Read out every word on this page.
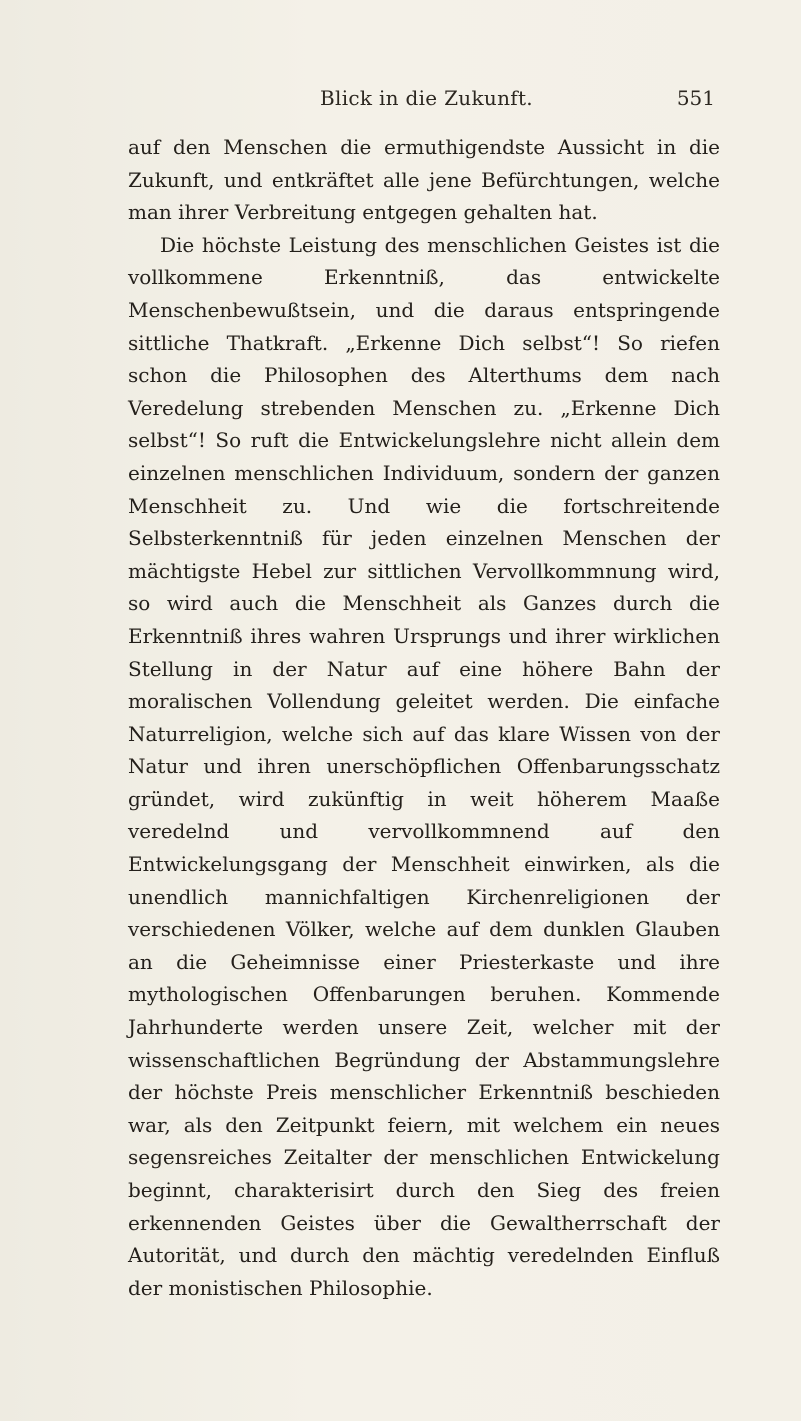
Blick in die Zukunft.	551

auf den Menschen die ermuthigendste Aussicht in die Zukunft, und entkräftet alle jene Befürchtungen, welche man ihrer Verbreitung entgegen gehalten hat.

Die höchste Leistung des menschlichen Geistes ist die vollkommene Erkenntniß, das entwickelte Menschenbewußtsein, und die daraus entspringende sittliche Thatkraft. „Erkenne Dich selbst“! So riefen schon die Philosophen des Alterthums dem nach Veredelung strebenden Menschen zu. „Erkenne Dich selbst“! So ruft die Entwickelungslehre nicht allein dem einzelnen menschlichen Individuum, sondern der ganzen Menschheit zu. Und wie die fortschreitende Selbsterkenntniß für jeden einzelnen Menschen der mächtigste Hebel zur sittlichen Vervollkommnung wird, so wird auch die Menschheit als Ganzes durch die Erkenntniß ihres wahren Ursprungs und ihrer wirklichen Stellung in der Natur auf eine höhere Bahn der moralischen Vollendung geleitet werden. Die einfache Naturreligion, welche sich auf das klare Wissen von der Natur und ihren unerschöpflichen Offenbarungsschatz gründet, wird zukünftig in weit höherem Maaße veredelnd und vervollkommnend auf den Entwickelungsgang der Menschheit einwirken, als die unendlich mannichfaltigen Kirchenreligionen der verschiedenen Völker, welche auf dem dunklen Glauben an die Geheimnisse einer Priesterkaste und ihre mythologischen Offenbarungen beruhen. Kommende Jahrhunderte werden unsere Zeit, welcher mit der wissenschaftlichen Begründung der Abstammungslehre der höchste Preis menschlicher Erkenntniß beschieden war, als den Zeitpunkt feiern, mit welchem ein neues segensreiches Zeitalter der menschlichen Entwickelung beginnt, charakterisirt durch den Sieg des freien erkennenden Geistes über die Gewaltherrschaft der Autorität, und durch den mächtig veredelnden Einfluß der monistischen Philosophie.
